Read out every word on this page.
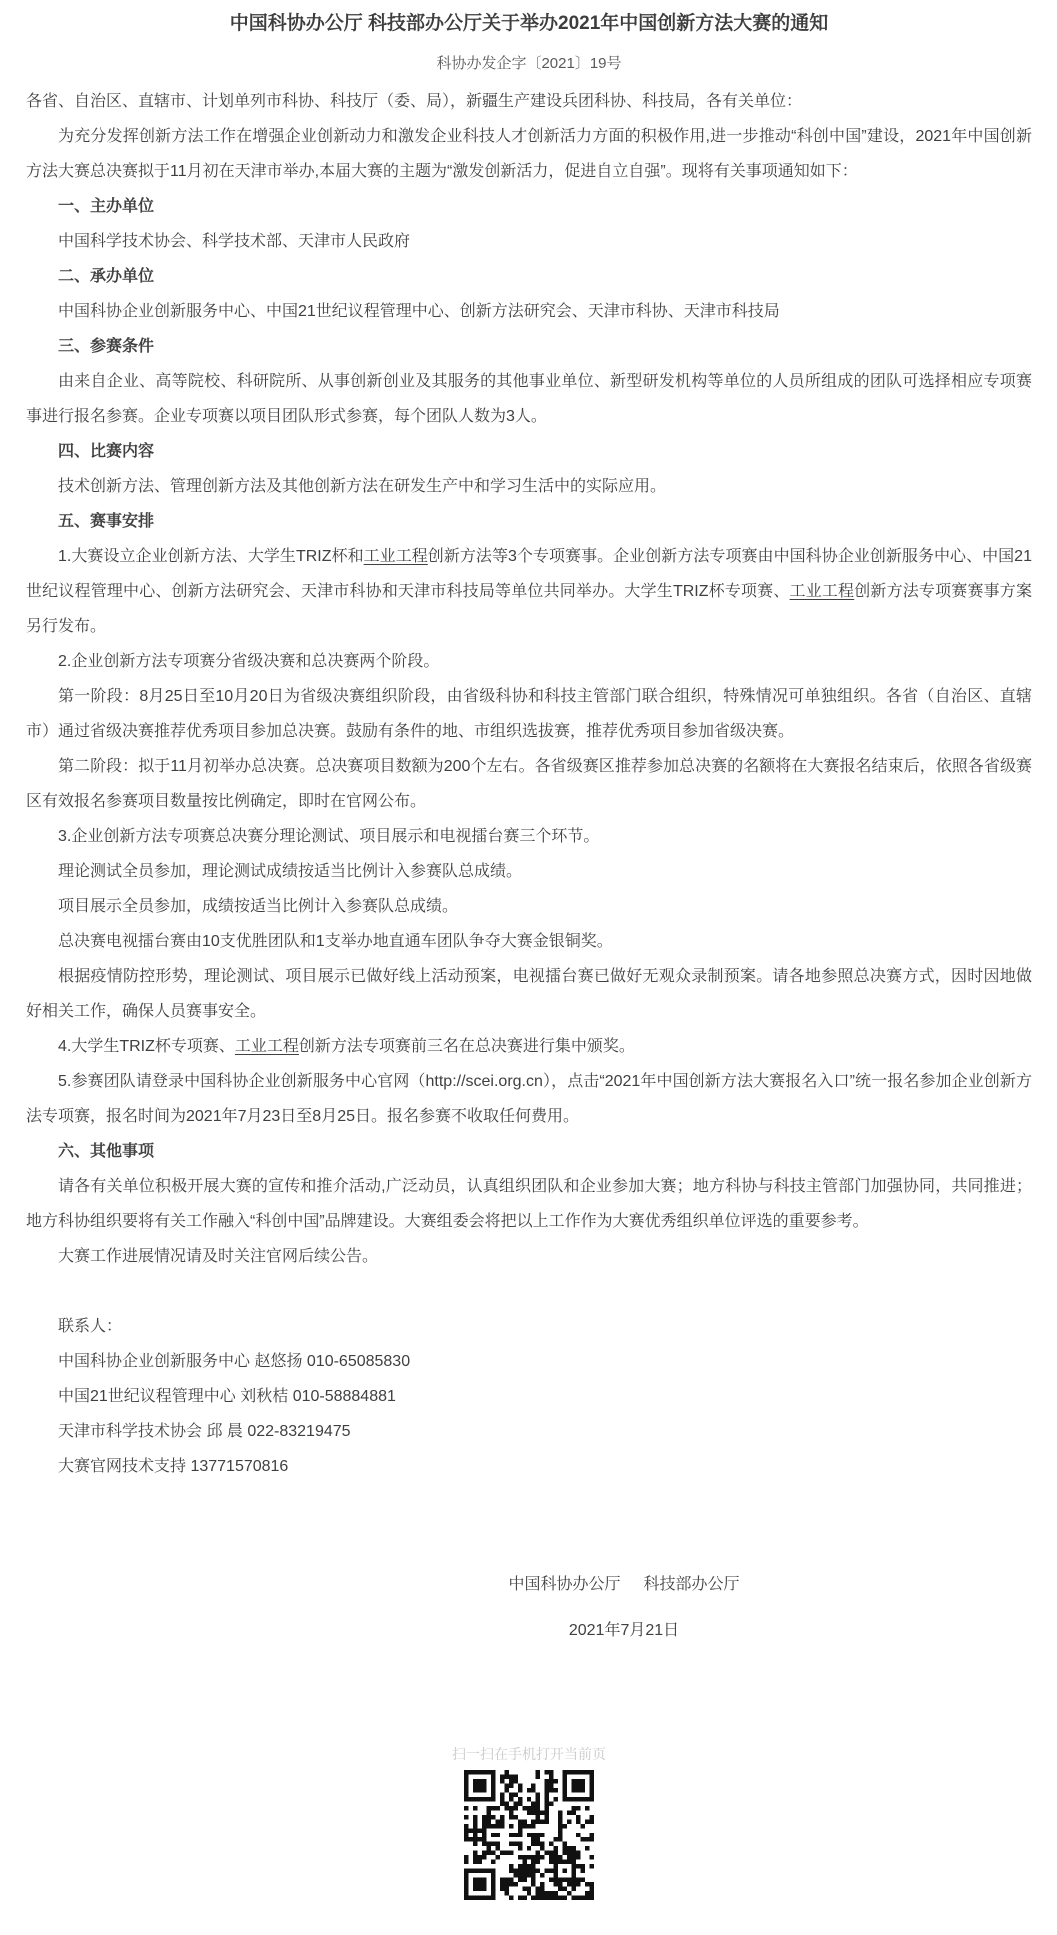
中国科协办公厅 科技部办公厅关于举办2021年中国创新方法大赛的通知
科协办发企字〔2021〕19号

各省、自治区、直辖市、计划单列市科协、科技厅（委、局），新疆生产建设兵团科协、科技局，各有关单位：

为充分发挥创新方法工作在增强企业创新动力和激发企业科技人才创新活力方面的积极作用,进一步推动“科创中国”建设，2021年中国创新方法大赛总决赛拟于11月初在天津市举办,本届大赛的主题为“激发创新活力，促进自立自强”。现将有关事项通知如下：

一、主办单位

中国科学技术协会、科学技术部、天津市人民政府

二、承办单位

中国科协企业创新服务中心、中国21世纪议程管理中心、创新方法研究会、天津市科协、天津市科技局

三、参赛条件

由来自企业、高等院校、科研院所、从事创新创业及其服务的其他事业单位、新型研发机构等单位的人员所组成的团队可选择相应专项赛事进行报名参赛。企业专项赛以项目团队形式参赛，每个团队人数为3人。

四、比赛内容

技术创新方法、管理创新方法及其他创新方法在研发生产中和学习生活中的实际应用。

五、赛事安排

1.大赛设立企业创新方法、大学生TRIZ杯和工业工程创新方法等3个专项赛事。企业创新方法专项赛由中国科协企业创新服务中心、中国21世纪议程管理中心、创新方法研究会、天津市科协和天津市科技局等单位共同举办。大学生TRIZ杯专项赛、工业工程创新方法专项赛赛事方案另行发布。

2.企业创新方法专项赛分省级决赛和总决赛两个阶段。

第一阶段：8月25日至10月20日为省级决赛组织阶段，由省级科协和科技主管部门联合组织，特殊情况可单独组织。各省（自治区、直辖市）通过省级决赛推荐优秀项目参加总决赛。鼓励有条件的地、市组织选拔赛，推荐优秀项目参加省级决赛。

第二阶段：拟于11月初举办总决赛。总决赛项目数额为200个左右。各省级赛区推荐参加总决赛的名额将在大赛报名结束后，依照各省级赛区有效报名参赛项目数量按比例确定，即时在官网公布。

3.企业创新方法专项赛总决赛分理论测试、项目展示和电视擂台赛三个环节。

理论测试全员参加，理论测试成绩按适当比例计入参赛队总成绩。

项目展示全员参加，成绩按适当比例计入参赛队总成绩。

总决赛电视擂台赛由10支优胜团队和1支举办地直通车团队争夺大赛金银铜奖。

根据疫情防控形势，理论测试、项目展示已做好线上活动预案，电视擂台赛已做好无观众录制预案。请各地参照总决赛方式，因时因地做好相关工作，确保人员赛事安全。

4.大学生TRIZ杯专项赛、工业工程创新方法专项赛前三名在总决赛进行集中颁奖。

5.参赛团队请登录中国科协企业创新服务中心官网（http://scei.org.cn），点击“2021年中国创新方法大赛报名入口”统一报名参加企业创新方法专项赛，报名时间为2021年7月23日至8月25日。报名参赛不收取任何费用。

六、其他事项

请各有关单位积极开展大赛的宣传和推介活动,广泛动员，认真组织团队和企业参加大赛；地方科协与科技主管部门加强协同，共同推进；地方科协组织要将有关工作融入“科创中国”品牌建设。大赛组委会将把以上工作作为大赛优秀组织单位评选的重要参考。

大赛工作进展情况请及时关注官网后续公告。

联系人：

中国科协企业创新服务中心 赵悠扬 010-65085830

中国21世纪议程管理中心 刘秋桔 010-58884881

天津市科学技术协会 邱 晨 022-83219475

大赛官网技术支持 13771570816

中国科协办公厅 科技部办公厅
2021年7月21日
扫一扫在手机打开当前页
